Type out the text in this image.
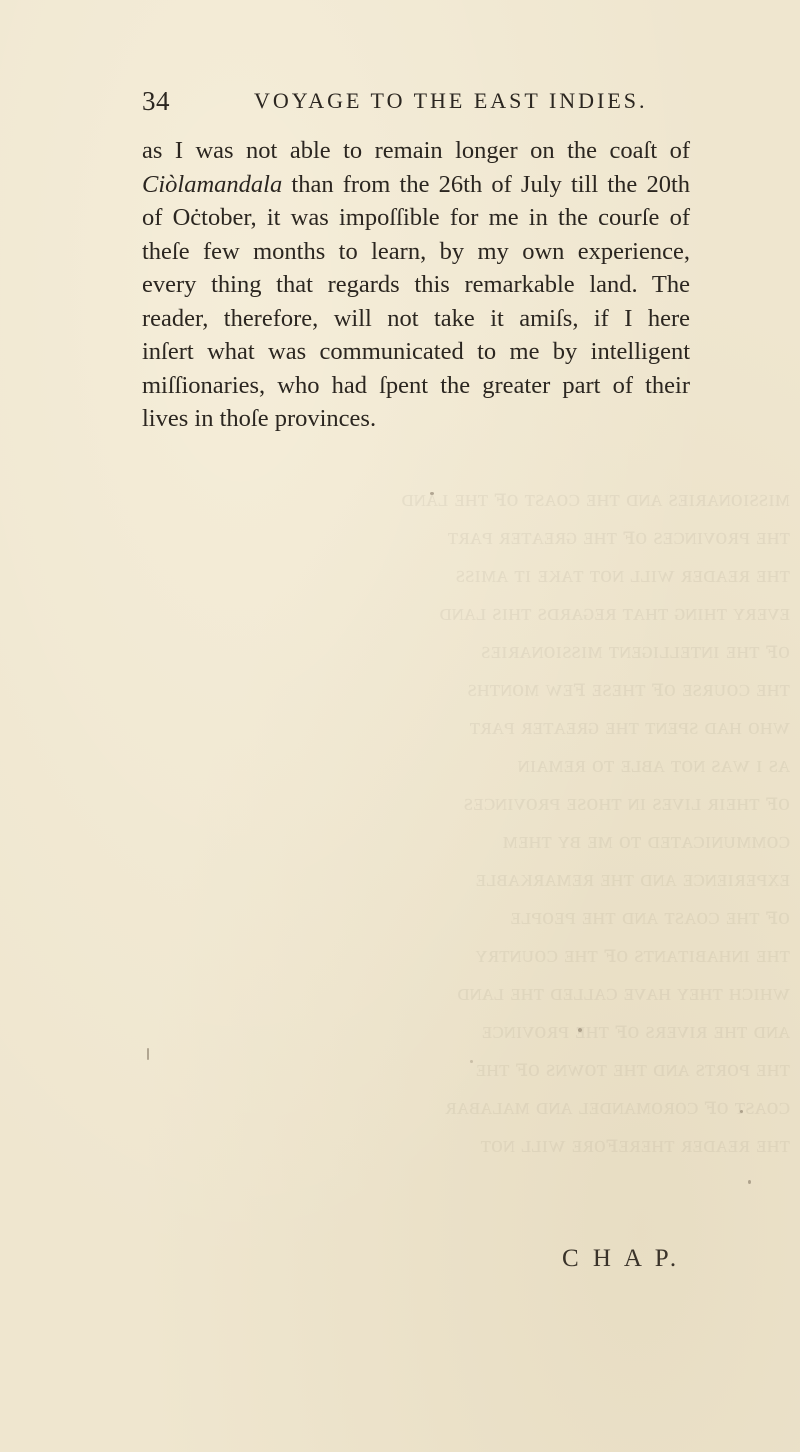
ᴍɪssɪᴏɴᴀʀɪᴇs ᴀɴᴅ ᴛʜᴇ ᴄᴏᴀsᴛ ᴏꜰ ᴛʜᴇ ʟᴀɴᴅ
ᴛʜᴇ ᴘʀᴏᴠɪɴᴄᴇs ᴏꜰ ᴛʜᴇ ɢʀᴇᴀᴛᴇʀ ᴘᴀʀᴛ
ᴛʜᴇ ʀᴇᴀᴅᴇʀ ᴡɪʟʟ ɴᴏᴛ ᴛᴀᴋᴇ ɪᴛ ᴀᴍɪss
ᴇᴠᴇʀʏ ᴛʜɪɴɢ ᴛʜᴀᴛ ʀᴇɢᴀʀᴅs ᴛʜɪs ʟᴀɴᴅ
ᴏꜰ ᴛʜᴇ ɪɴᴛᴇʟʟɪɢᴇɴᴛ ᴍɪssɪᴏɴᴀʀɪᴇs
ᴛʜᴇ ᴄᴏᴜʀsᴇ ᴏꜰ ᴛʜᴇsᴇ ꜰᴇᴡ ᴍᴏɴᴛʜs
ᴡʜᴏ ʜᴀᴅ sᴘᴇɴᴛ ᴛʜᴇ ɢʀᴇᴀᴛᴇʀ ᴘᴀʀᴛ
ᴀs ɪ ᴡᴀs ɴᴏᴛ ᴀʙʟᴇ ᴛᴏ ʀᴇᴍᴀɪɴ
ᴏꜰ ᴛʜᴇɪʀ ʟɪᴠᴇs ɪɴ ᴛʜᴏsᴇ ᴘʀᴏᴠɪɴᴄᴇs
ᴄᴏᴍᴍᴜɴɪᴄᴀᴛᴇᴅ ᴛᴏ ᴍᴇ ʙʏ ᴛʜᴇᴍ
ᴇxᴘᴇʀɪᴇɴᴄᴇ ᴀɴᴅ ᴛʜᴇ ʀᴇᴍᴀʀᴋᴀʙʟᴇ
ᴏꜰ ᴛʜᴇ ᴄᴏᴀsᴛ ᴀɴᴅ ᴛʜᴇ ᴘᴇᴏᴘʟᴇ
ᴛʜᴇ ɪɴʜᴀʙɪᴛᴀɴᴛs ᴏꜰ ᴛʜᴇ ᴄᴏᴜɴᴛʀʏ
ᴡʜɪᴄʜ ᴛʜᴇʏ ʜᴀᴠᴇ ᴄᴀʟʟᴇᴅ ᴛʜᴇ ʟᴀɴᴅ
ᴀɴᴅ ᴛʜᴇ ʀɪᴠᴇʀs ᴏꜰ ᴛʜᴇ ᴘʀᴏᴠɪɴᴄᴇ
ᴛʜᴇ ᴘᴏʀᴛs ᴀɴᴅ ᴛʜᴇ ᴛᴏᴡɴs ᴏꜰ ᴛʜᴇ
ᴄᴏᴀsᴛ ᴏꜰ ᴄᴏʀᴏᴍᴀɴᴅᴇʟ ᴀɴᴅ ᴍᴀʟᴀʙᴀʀ
ᴛʜᴇ ʀᴇᴀᴅᴇʀ ᴛʜᴇʀᴇꜰᴏʀᴇ ᴡɪʟʟ ɴᴏᴛ
34	VOYAGE TO THE EAST INDIES.
as I was not able to remain longer on the coaſt of
Ciòlamandala than from the 26th of July till the 20th
of Oċtober, it was impoſſible for me in the courſe of
theſe few months to learn, by my own experience,
every thing that regards this remarkable land. The
reader, therefore, will not take it amiſs, if I here
inſert what was communicated to me by intelligent
miſſionaries, who had ſpent the greater part of their
lives in thoſe provinces.
C H A P.
